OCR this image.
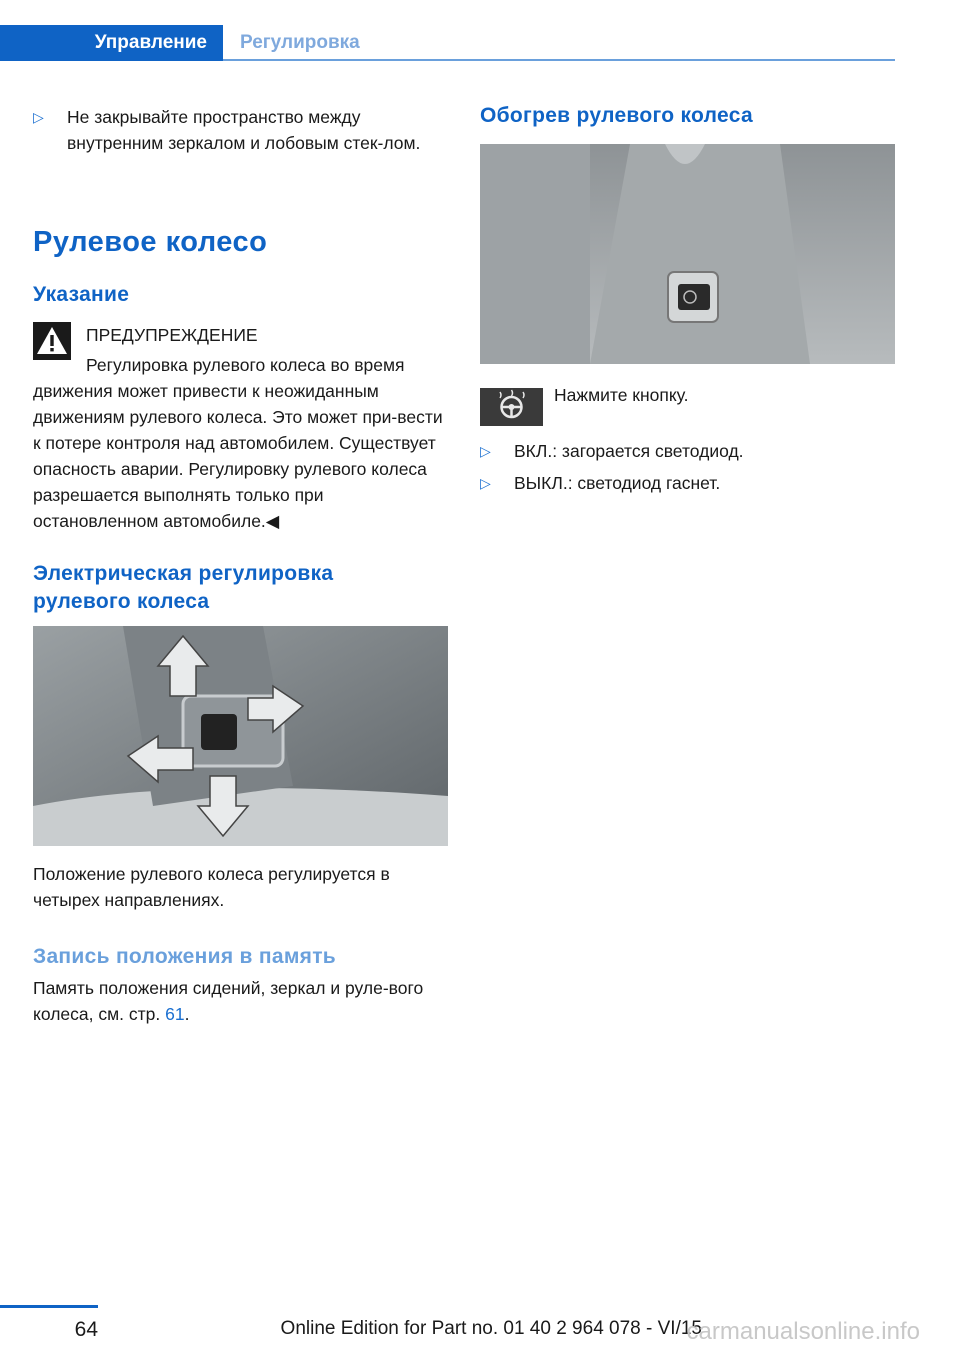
Управление	Регулировка
▷ Не закрывайте пространство между внутренним зеркалом и лобовым стек-лом.
Рулевое колесо
Указание
ПРЕДУПРЕЖДЕНИЕ
Регулировка рулевого колеса во время
движения может привести к неожиданным движениям рулевого колеса. Это может при-вести к потере контроля над автомобилем. Существует опасность аварии. Регулировку рулевого колеса разрешается выполнять только при остановленном автомобиле.◀
Электрическая регулировка рулевого колеса
Положение рулевого колеса регулируется в четырех направлениях.
Запись положения в память
Память положения сидений, зеркал и руле-вого колеса, см. стр. 61.
Обогрев рулевого колеса
Нажмите кнопку.
▷ ВКЛ.: загорается светодиод.
▷ ВЫКЛ.: светодиод гаснет.
64	Online Edition for Part no. 01 40 2 964 078 - VI/15
carmanualsonline.info
